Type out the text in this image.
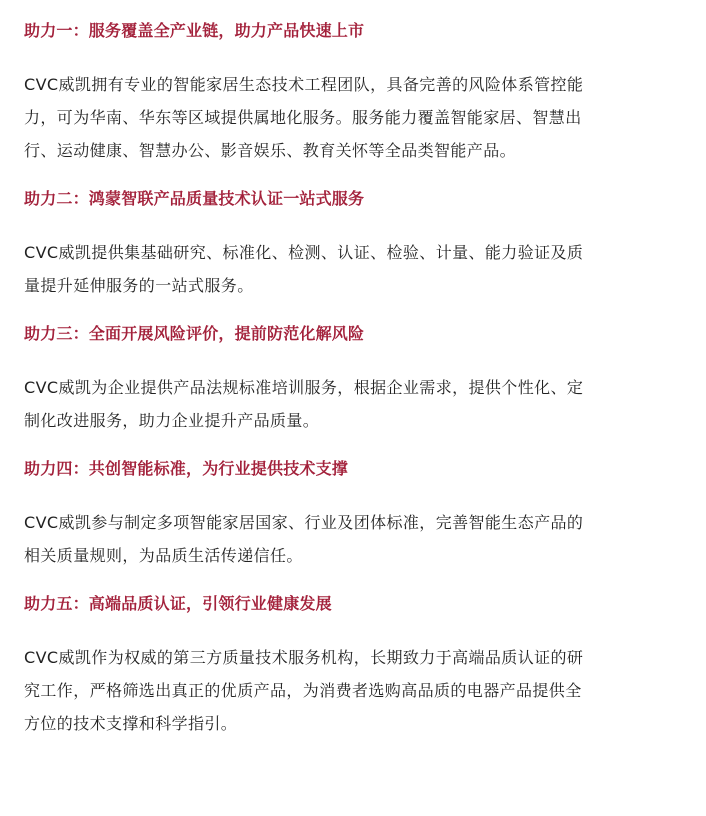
助力一：服务覆盖全产业链，助力产品快速上市
CVC威凯拥有专业的智能家居生态技术工程团队，具备完善的风险体系管控能
力，可为华南、华东等区域提供属地化服务。服务能力覆盖智能家居、智慧出
行、运动健康、智慧办公、影音娱乐、教育关怀等全品类智能产品。
助力二：鸿蒙智联产品质量技术认证一站式服务
CVC威凯提供集基础研究、标准化、检测、认证、检验、计量、能力验证及质
量提升延伸服务的一站式服务。
助力三：全面开展风险评价，提前防范化解风险
CVC威凯为企业提供产品法规标准培训服务，根据企业需求，提供个性化、定
制化改进服务，助力企业提升产品质量。
助力四：共创智能标准，为行业提供技术支撑
CVC威凯参与制定多项智能家居国家、行业及团体标准，完善智能生态产品的
相关质量规则，为品质生活传递信任。
助力五：高端品质认证，引领行业健康发展
CVC威凯作为权威的第三方质量技术服务机构，长期致力于高端品质认证的研
究工作，严格筛选出真正的优质产品，为消费者选购高品质的电器产品提供全
方位的技术支撑和科学指引。
